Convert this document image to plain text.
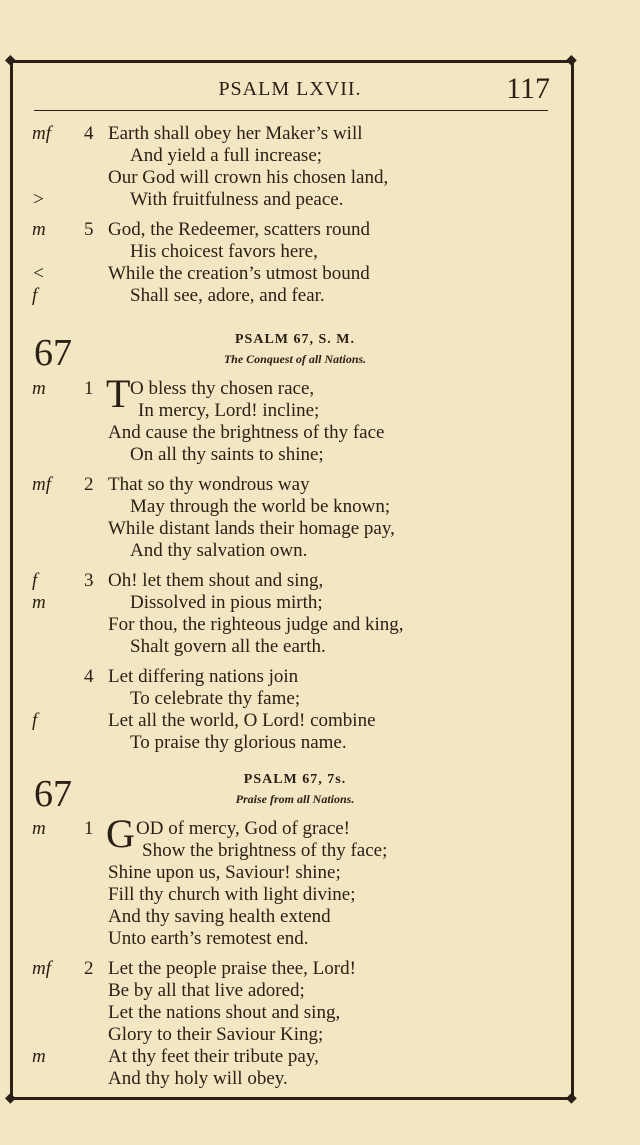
◆	◆
◆	◆
PSALM LXVII.	117
mf 4 Earth shall obey her Maker’s will
And yield a full increase;
Our God will crown his chosen land,
>	With fruitfulness and peace.
m 5 God, the Redeemer, scatters round
His choicest favors here,
<	While the creation’s utmost bound
f	Shall see, adore, and fear.
67	PSALM 67, S. M.
The Conquest of all Nations.
m 1 T O bless thy chosen race,
In mercy, Lord! incline;
And cause the brightness of thy face
On all thy saints to shine;
mf 2 That so thy wondrous way
May through the world be known;
While distant lands their homage pay,
And thy salvation own.
f 3 Oh! let them shout and sing,
m	Dissolved in pious mirth;
For thou, the righteous judge and king,
Shalt govern all the earth.
4 Let differing nations join
To celebrate thy fame;
f	Let all the world, O Lord! combine
To praise thy glorious name.
67	PSALM 67, 7s.
Praise from all Nations.
m 1 G OD of mercy, God of grace!
Show the brightness of thy face;
Shine upon us, Saviour! shine;
Fill thy church with light divine;
And thy saving health extend
Unto earth’s remotest end.
mf 2 Let the people praise thee, Lord!
Be by all that live adored;
Let the nations shout and sing,
Glory to their Saviour King;
m	At thy feet their tribute pay,
And thy holy will obey.
